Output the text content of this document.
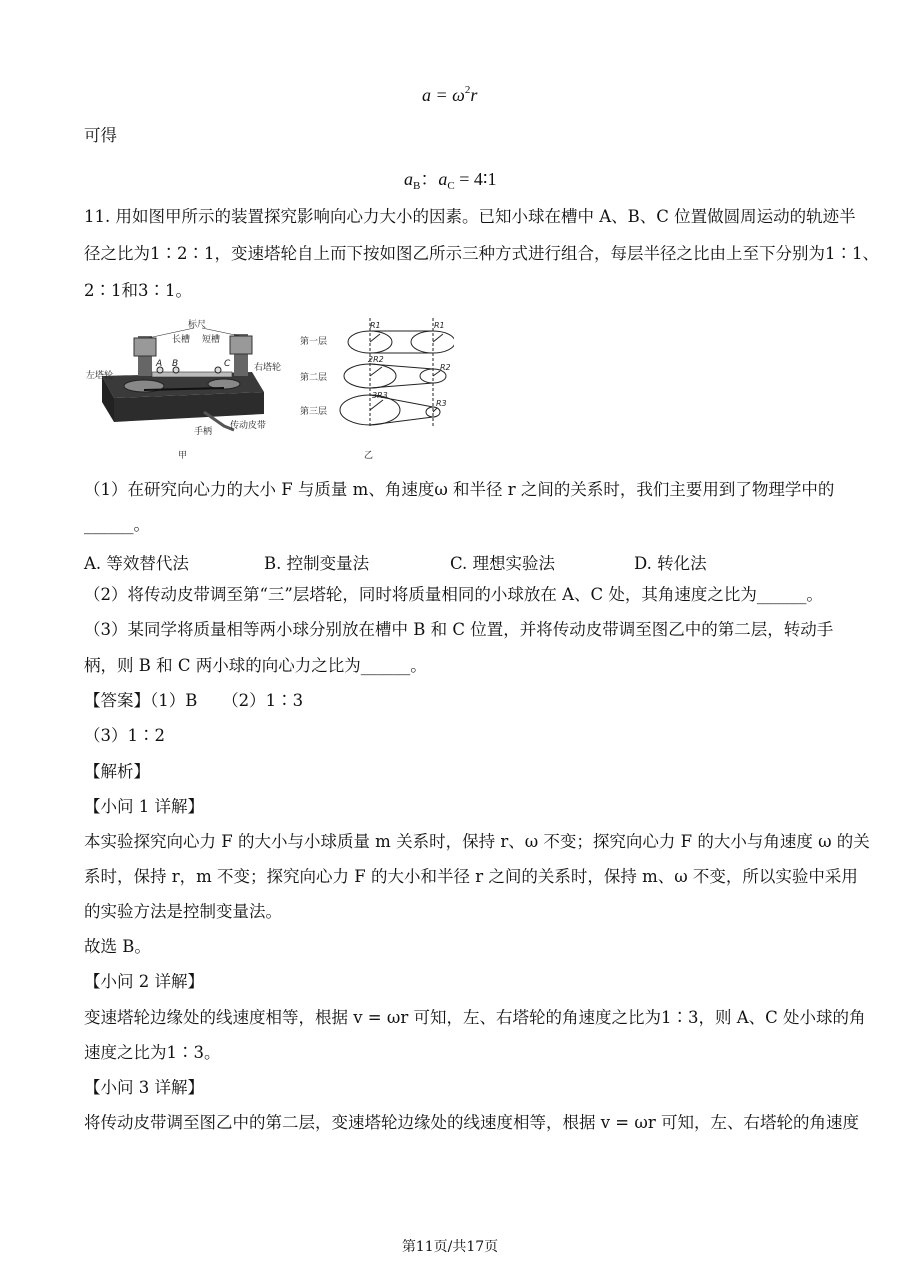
$a = \omega^2r$
可得
$a_B$：$a_C$ = 4∶1
11. 用如图甲所示的装置探究影响向心力大小的因素。已知小球在槽中 A、B、C 位置做圆周运动的轨迹半
径之比为1∶2∶1，变速塔轮自上而下按如图乙所示三种方式进行组合，每层半径之比由上至下分别为1∶1、
2∶1和3∶1。
标尺
长槽 短槽
左塔轮
右塔轮
手柄
传动皮带
A B	C
甲
第一层
第二层
第三层
R1	R1
2R2
R2
3R3
R3
乙
（1）在研究向心力的大小 F 与质量 m、角速度ω 和半径 r 之间的关系时，我们主要用到了物理学中的
______。
A. 等效替代法	B. 控制变量法	C. 理想实验法	D. 转化法
（2）将传动皮带调至第“三”层塔轮，同时将质量相同的小球放在 A、C 处，其角速度之比为______。
（3）某同学将质量相等两小球分别放在槽中 B 和 C 位置，并将传动皮带调至图乙中的第二层，转动手
柄，则 B 和 C 两小球的向心力之比为______。
【答案】（1）B　　（2）1∶3
（3）1∶2
【解析】
【小问 1 详解】
本实验探究向心力 F 的大小与小球质量 m 关系时，保持 r、ω 不变；探究向心力 F 的大小与角速度 ω 的关
系时，保持 r，m 不变；探究向心力 F 的大小和半径 r 之间的关系时，保持 m、ω 不变，所以实验中采用
的实验方法是控制变量法。
故选 B。
【小问 2 详解】
变速塔轮边缘处的线速度相等，根据 v = ωr 可知，左、右塔轮的角速度之比为1∶3，则 A、C 处小球的角
速度之比为1∶3。
【小问 3 详解】
将传动皮带调至图乙中的第二层，变速塔轮边缘处的线速度相等，根据 v = ωr 可知，左、右塔轮的角速度
第11页/共17页
